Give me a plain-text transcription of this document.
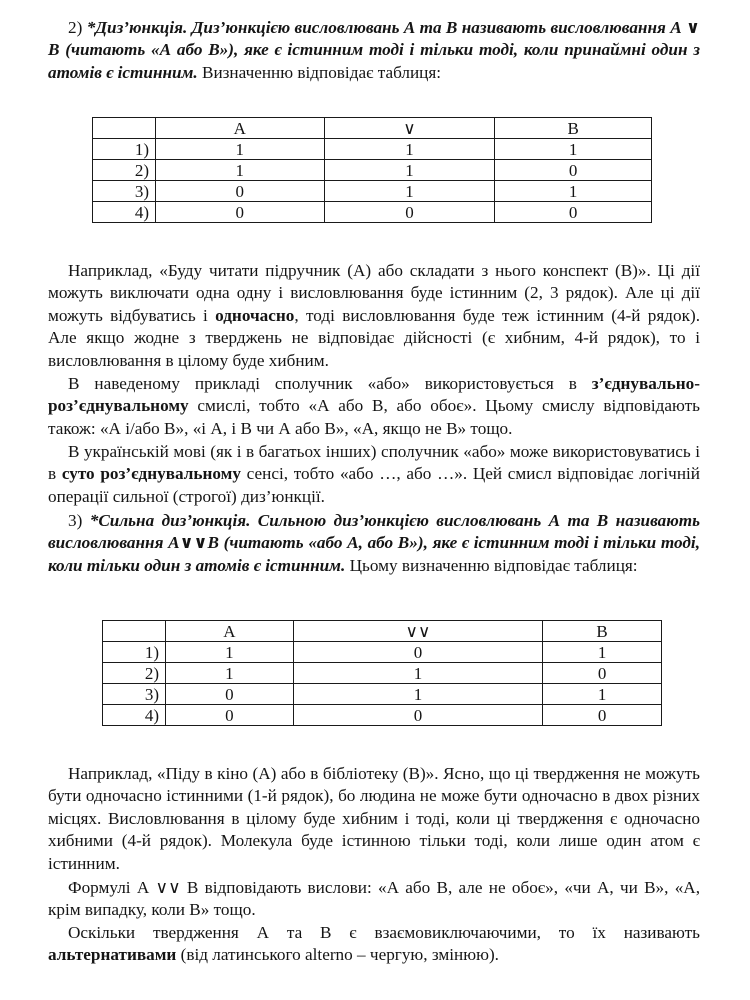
2) *Диз’юнкція. Диз’юнкцією висловлювань А та В називають висловлювання А ∨ В (читають «А або В»), яке є істинним тоді і тільки тоді, коли принаймні один з атомів є істинним. Визначенню відповідає таблиця:

	A	∨	B
1)	1	1	1
2)	1	1	0
3)	0	1	1
4)	0	0	0

Наприклад, «Буду читати підручник (А) або складати з нього конспект (В)». Ці дії можуть виключати одна одну і висловлювання буде істинним (2, 3 рядок). Але ці дії можуть відбуватись і одночасно, тоді висловлювання буде теж істинним (4-й рядок). Але якщо жодне з тверджень не відповідає дійсності (є хибним, 4-й рядок), то і висловлювання в цілому буде хибним.

В наведеному прикладі сполучник «або» використовується в з’єднувально-роз’єднувальному смислі, тобто «А або В, або обоє». Цьому смислу відповідають також: «А і/або В», «і А, і В чи А або В», «А, якщо не В» тощо.

В українській мові (як і в багатьох інших) сполучник «або» може використовуватись і в суто роз’єднувальному сенсі, тобто «або …, або …». Цей смисл відповідає логічній операції сильної (строгої) диз’юнкції.

3) *Сильна диз’юнкція. Сильною диз’юнкцією висловлювань А та В називають висловлювання А∨∨В (читають «або А, або В»), яке є істинним тоді і тільки тоді, коли тільки один з атомів є істинним. Цьому визначенню відповідає таблиця:

	A	∨∨	B
1)	1	0	1
2)	1	1	0
3)	0	1	1
4)	0	0	0

Наприклад, «Піду в кіно (А) або в бібліотеку (В)». Ясно, що ці твердження не можуть бути одночасно істинними (1-й рядок), бо людина не може бути одночасно в двох різних місцях. Висловлювання в цілому буде хибним і тоді, коли ці твердження є одночасно хибними (4-й рядок). Молекула буде істинною тільки тоді, коли лише один атом є істинним.

Формулі А ∨∨ В відповідають вислови: «А або В, але не обоє», «чи А, чи В», «А, крім випадку, коли В» тощо.

Оскільки твердження А та В є взаємовиключаючими, то їх називають альтернативами (від латинського alterno – чергую, змінюю).
